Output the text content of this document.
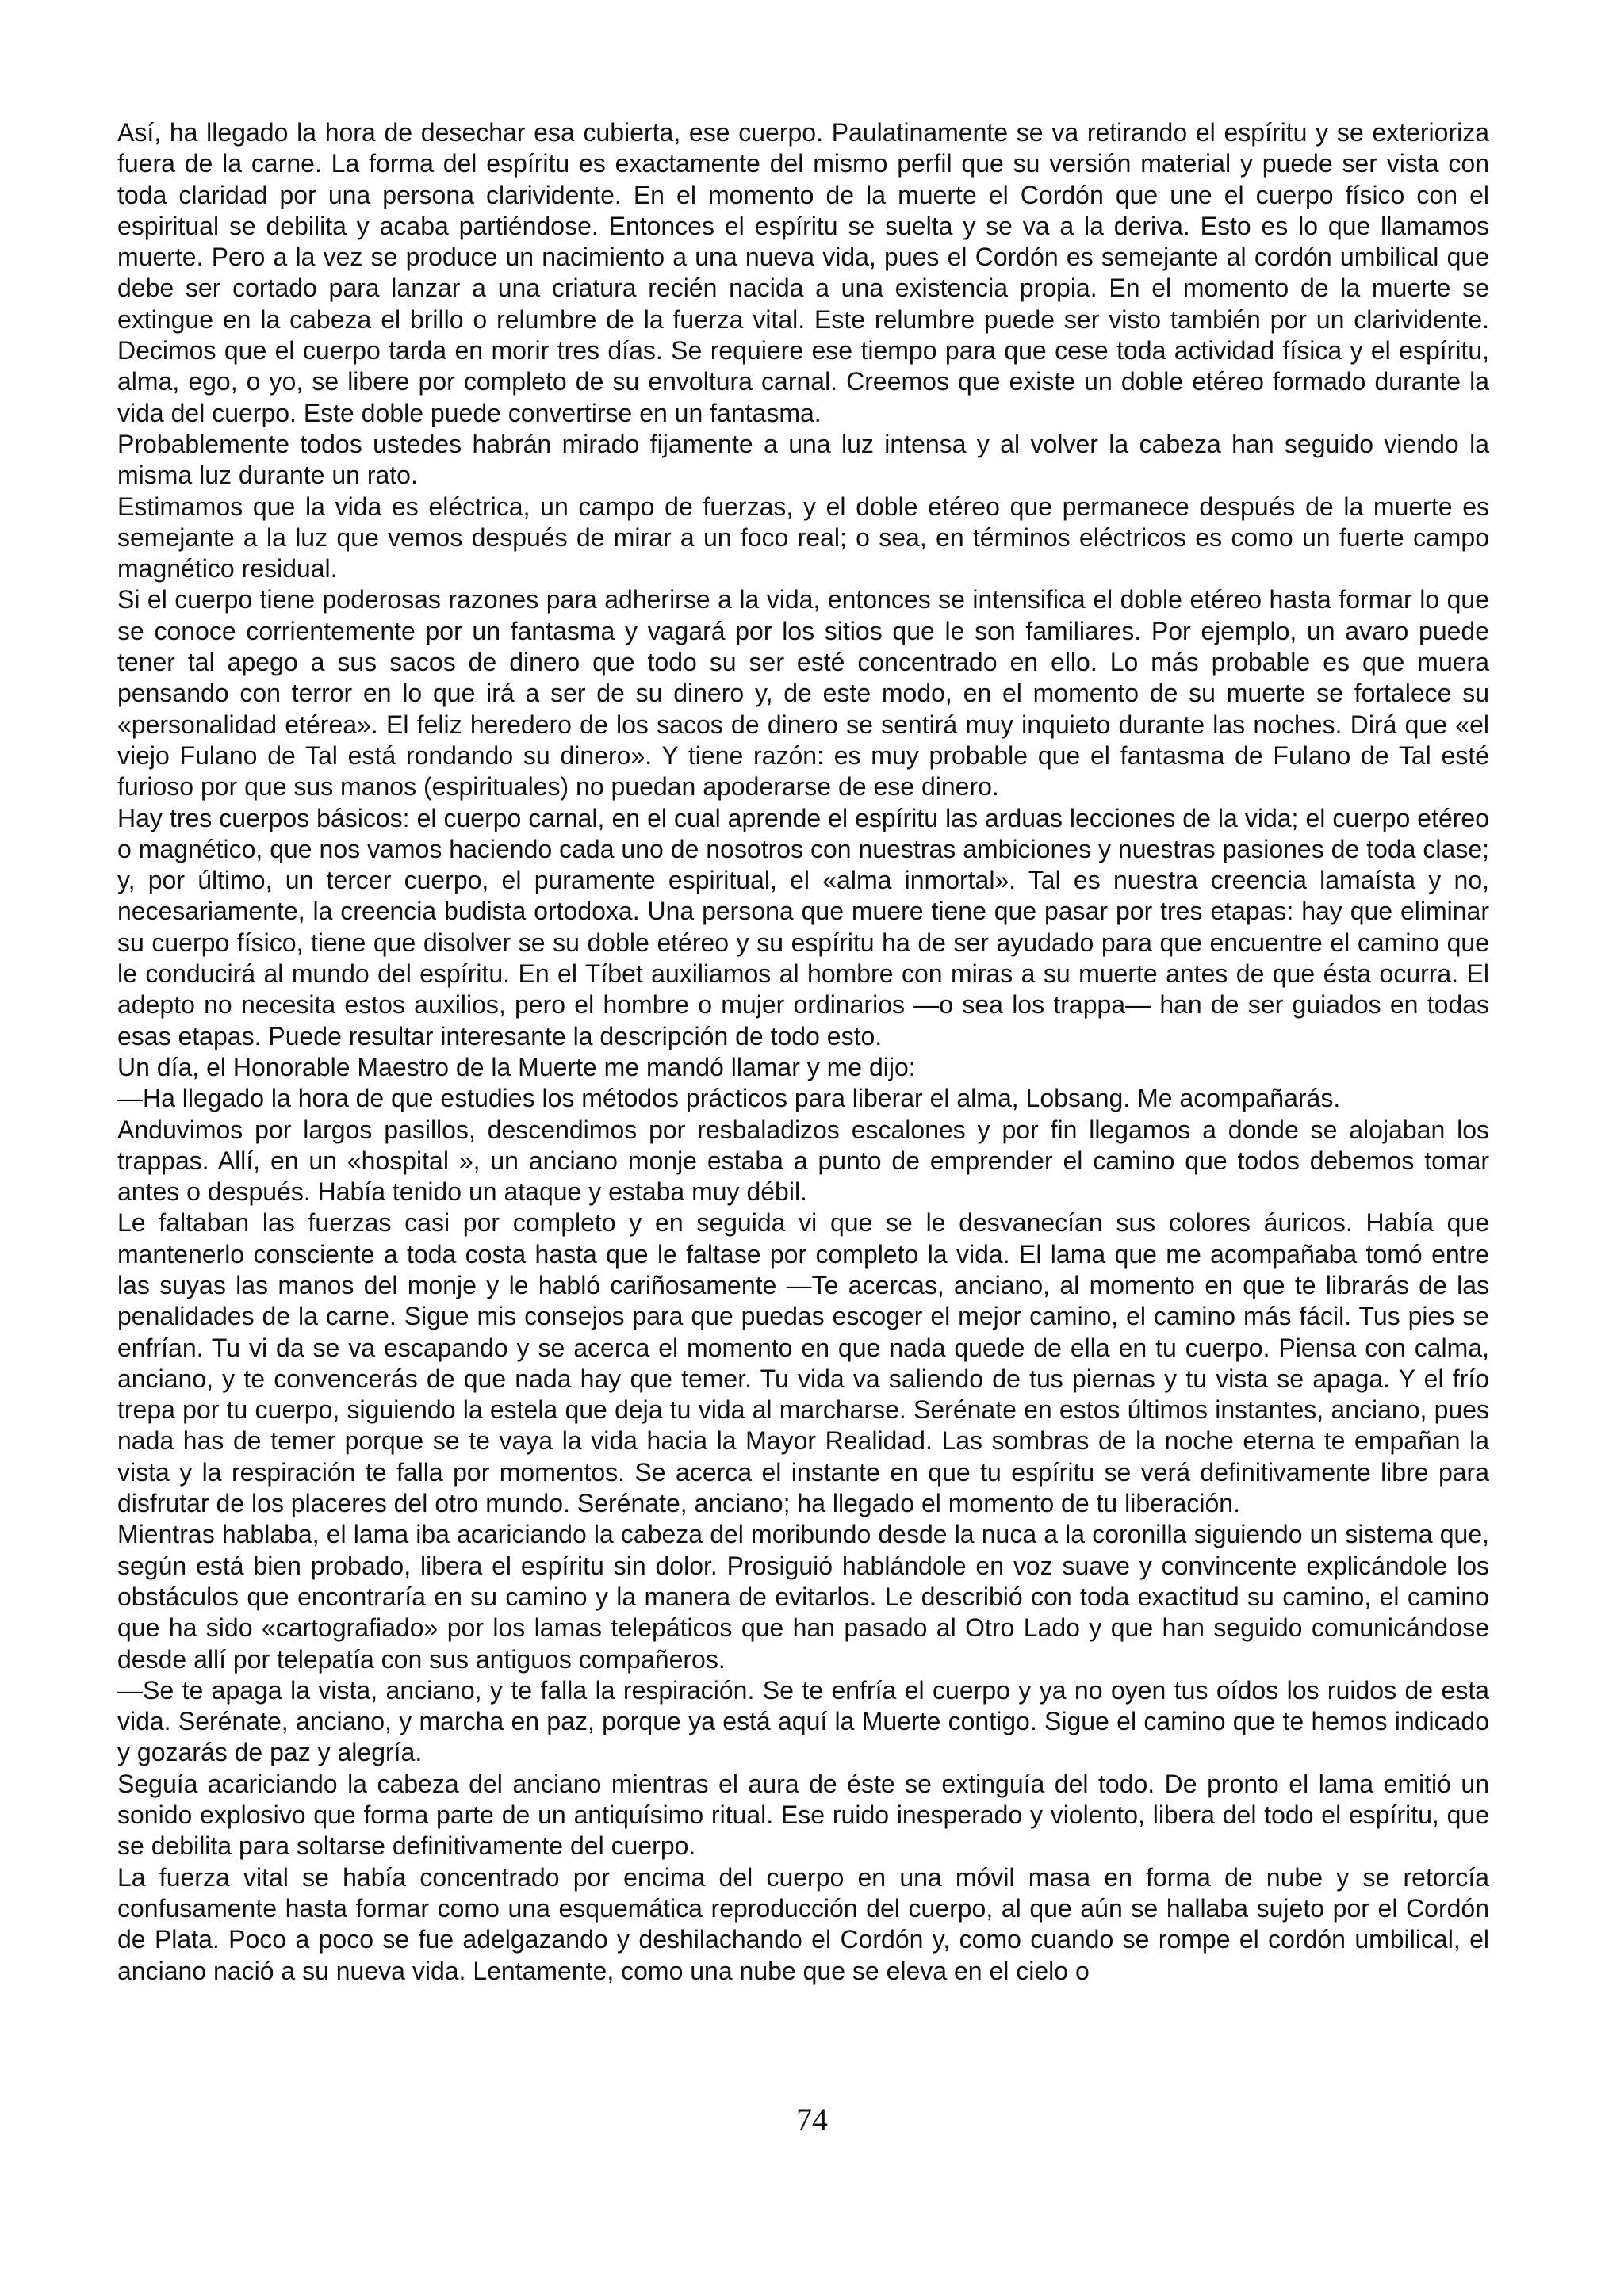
Así, ha llegado la hora de desechar esa cubierta, ese cuerpo. Paulatinamente se va retirando el espíritu y se exterioriza fuera de la carne. La forma del espíritu es exactamente del mismo perfil que su versión material y puede ser vista con toda claridad por una persona clarividente. En el momento de la muerte el Cordón que une el cuerpo físico con el espiritual se debilita y acaba partiéndose. Entonces el espíritu se suelta y se va a la deriva. Esto es lo que llamamos muerte. Pero a la vez se produce un nacimiento a una nueva vida, pues el Cordón es semejante al cordón umbilical que debe ser cortado para lanzar a una criatura recién nacida a una existencia propia. En el momento de la muerte se extingue en la cabeza el brillo o relumbre de la fuerza vital. Este relumbre puede ser visto también por un clarividente. Decimos que el cuerpo tarda en morir tres días. Se requiere ese tiempo para que cese toda actividad física y el espíritu, alma, ego, o yo, se libere por completo de su envoltura carnal. Creemos que existe un doble etéreo formado durante la vida del cuerpo. Este doble puede convertirse en un fantasma.

Probablemente todos ustedes habrán mirado fijamente a una luz intensa y al volver la cabeza han seguido viendo la misma luz durante un rato.

Estimamos que la vida es eléctrica, un campo de fuerzas, y el doble etéreo que permanece después de la muerte es semejante a la luz que vemos después de mirar a un foco real; o sea, en términos eléctricos es como un fuerte campo magnético residual.

Si el cuerpo tiene poderosas razones para adherirse a la vida, entonces se intensifica el doble etéreo hasta formar lo que se conoce corrientemente por un fantasma y vagará por los sitios que le son familiares. Por ejemplo, un avaro puede tener tal apego a sus sacos de dinero que todo su ser esté concentrado en ello. Lo más probable es que muera pensando con terror en lo que irá a ser de su dinero y, de este modo, en el momento de su muerte se fortalece su «personalidad etérea». El feliz heredero de los sacos de dinero se sentirá muy inquieto durante las noches. Dirá que «el viejo Fulano de Tal está rondando su dinero». Y tiene razón: es muy probable que el fantasma de Fulano de Tal esté furioso por que sus manos (espirituales) no puedan apoderarse de ese dinero.

Hay tres cuerpos básicos: el cuerpo carnal, en el cual aprende el espíritu las arduas lecciones de la vida; el cuerpo etéreo o magnético, que nos vamos haciendo cada uno de nosotros con nuestras ambiciones y nuestras pasiones de toda clase; y, por último, un tercer cuerpo, el puramente espiritual, el «alma inmortal». Tal es nuestra creencia lamaísta y no, necesariamente, la creencia budista ortodoxa. Una persona que muere tiene que pasar por tres etapas: hay que eliminar su cuerpo físico, tiene que disolver se su doble etéreo y su espíritu ha de ser ayudado para que encuentre el camino que le conducirá al mundo del espíritu. En el Tíbet auxiliamos al hombre con miras a su muerte antes de que ésta ocurra. El adepto no necesita estos auxilios, pero el hombre o mujer ordinarios —o sea los trappa— han de ser guiados en todas esas etapas. Puede resultar interesante la descripción de todo esto.

Un día, el Honorable Maestro de la Muerte me mandó llamar y me dijo:

—Ha llegado la hora de que estudies los métodos prácticos para liberar el alma, Lobsang. Me acompañarás.

Anduvimos por largos pasillos, descendimos por resbaladizos escalones y por fin llegamos a donde se alojaban los trappas. Allí, en un «hospital », un anciano monje estaba a punto de emprender el camino que todos debemos tomar antes o después. Había tenido un ataque y estaba muy débil.

Le faltaban las fuerzas casi por completo y en seguida vi que se le desvanecían sus colores áuricos. Había que mantenerlo consciente a toda costa hasta que le faltase por completo la vida. El lama que me acompañaba tomó entre las suyas las manos del monje y le habló cariñosamente —Te acercas, anciano, al momento en que te librarás de las penalidades de la carne. Sigue mis consejos para que puedas escoger el mejor camino, el camino más fácil. Tus pies se enfrían. Tu vi da se va escapando y se acerca el momento en que nada quede de ella en tu cuerpo. Piensa con calma, anciano, y te convencerás de que nada hay que temer. Tu vida va saliendo de tus piernas y tu vista se apaga. Y el frío trepa por tu cuerpo, siguiendo la estela que deja tu vida al marcharse. Serénate en estos últimos instantes, anciano, pues nada has de temer porque se te vaya la vida hacia la Mayor Realidad. Las sombras de la noche eterna te empañan la vista y la respiración te falla por momentos. Se acerca el instante en que tu espíritu se verá definitivamente libre para disfrutar de los placeres del otro mundo. Serénate, anciano; ha llegado el momento de tu liberación.

Mientras hablaba, el lama iba acariciando la cabeza del moribundo desde la nuca a la coronilla siguiendo un sistema que, según está bien probado, libera el espíritu sin dolor. Prosiguió hablándole en voz suave y convincente explicándole los obstáculos que encontraría en su camino y la manera de evitarlos. Le describió con toda exactitud su camino, el camino que ha sido «cartografiado» por los lamas telepáticos que han pasado al Otro Lado y que han seguido comunicándose desde allí por telepatía con sus antiguos compañeros.

—Se te apaga la vista, anciano, y te falla la respiración. Se te enfría el cuerpo y ya no oyen tus oídos los ruidos de esta vida. Serénate, anciano, y marcha en paz, porque ya está aquí la Muerte contigo. Sigue el camino que te hemos indicado y gozarás de paz y alegría.

Seguía acariciando la cabeza del anciano mientras el aura de éste se extinguía del todo. De pronto el lama emitió un sonido explosivo que forma parte de un antiquísimo ritual. Ese ruido inesperado y violento, libera del todo el espíritu, que se debilita para soltarse definitivamente del cuerpo.

La fuerza vital se había concentrado por encima del cuerpo en una móvil masa en forma de nube y se retorcía confusamente hasta formar como una esquemática reproducción del cuerpo, al que aún se hallaba sujeto por el Cordón de Plata. Poco a poco se fue adelgazando y deshilachando el Cordón y, como cuando se rompe el cordón umbilical, el anciano nació a su nueva vida. Lentamente, como una nube que se eleva en el cielo o

74
